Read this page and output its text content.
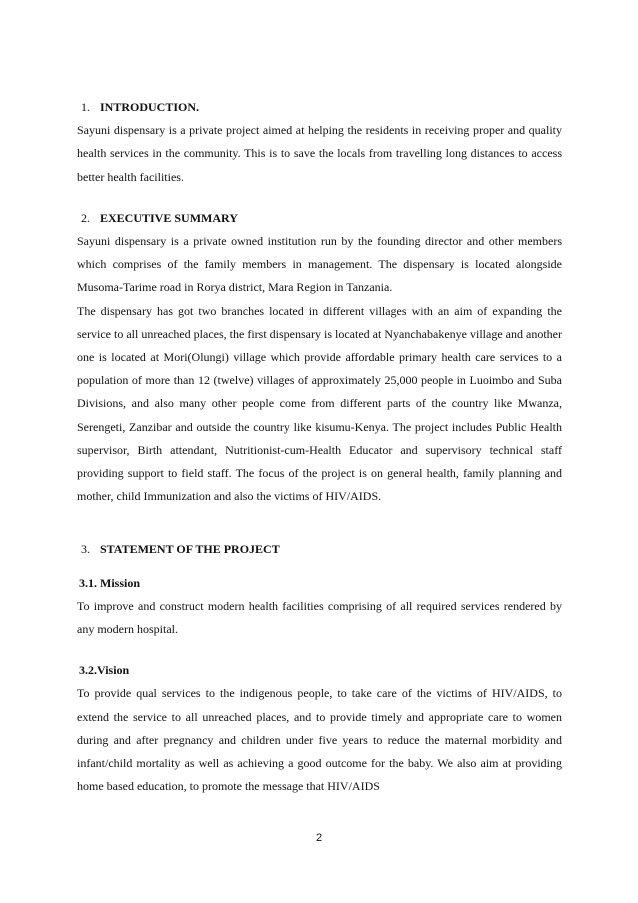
1. INTRODUCTION.

Sayuni dispensary is a private project aimed at helping the residents in receiving proper and quality health services in the community. This is to save the locals from travelling long distances to access better health facilities.

2. EXECUTIVE SUMMARY

Sayuni dispensary is a private owned institution run by the founding director and other members which comprises of the family members in management. The dispensary is located alongside Musoma-Tarime road in Rorya district, Mara Region in Tanzania.

The dispensary has got two branches located in different villages with an aim of expanding the service to all unreached places, the first dispensary is located at Nyanchabakenye village and another one is located at Mori(Olungi) village which provide affordable primary health care services to a population of more than 12 (twelve) villages of approximately 25,000 people in Luoimbo and Suba Divisions, and also many other people come from different parts of the country like Mwanza, Serengeti, Zanzibar and outside the country like kisumu-Kenya. The project includes Public Health supervisor, Birth attendant, Nutritionist-cum-Health Educator and supervisory technical staff providing support to field staff. The focus of the project is on general health, family planning and mother, child Immunization and also the victims of HIV/AIDS.

3. STATEMENT OF THE PROJECT

3.1. Mission

To improve and construct modern health facilities comprising of all required services rendered by any modern hospital.

3.2.Vision

To provide qual services to the indigenous people, to take care of the victims of HIV/AIDS, to extend the service to all unreached places, and to provide timely and appropriate care to women during and after pregnancy and children under five years to reduce the maternal morbidity and infant/child mortality as well as achieving a good outcome for the baby. We also aim at providing home based education, to promote the message that HIV/AIDS

2
